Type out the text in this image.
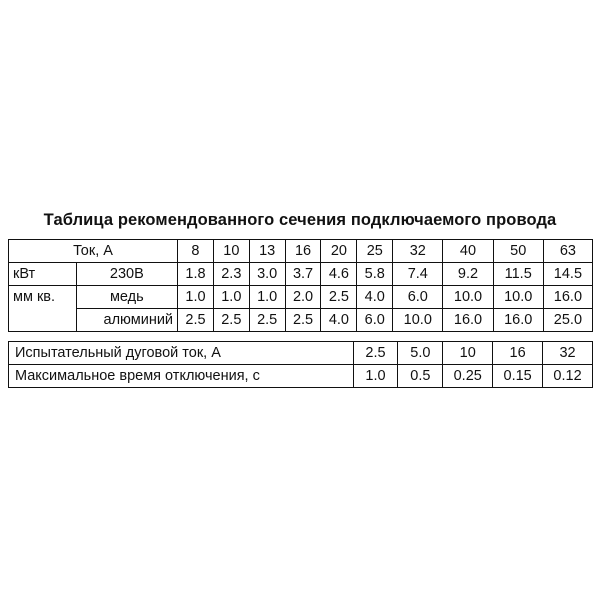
Таблица рекомендованного сечения подключаемого провода
Ток, А		8	10	13	16	20	25	32	40	50	63
кВт	230В	1.8	2.3	3.0	3.7	4.6	5.8	7.4	9.2	11.5	14.5
мм кв.	медь	1.0	1.0	1.0	2.0	2.5	4.0	6.0	10.0	10.0	16.0
	алюминий	2.5	2.5	2.5	2.5	4.0	6.0	10.0	16.0	16.0	25.0
Испытательный дуговой ток, А	2.5	5.0	10	16	32
Максимальное время отключения, с	1.0	0.5	0.25	0.15	0.12
